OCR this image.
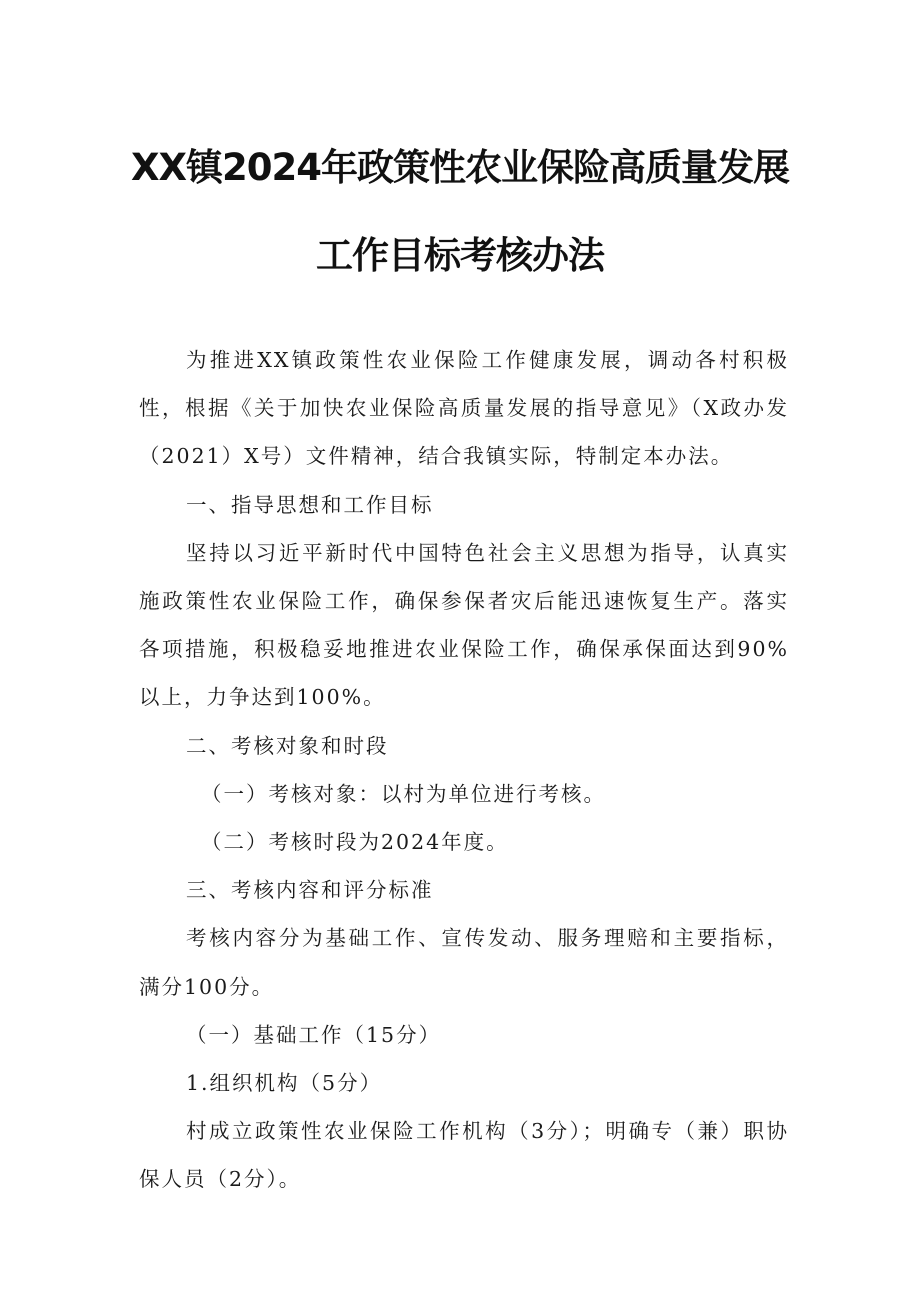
XX镇2024年政策性农业保险高质量发展
工作目标考核办法

为推进XX镇政策性农业保险工作健康发展，调动各村积极性，根据《关于加快农业保险高质量发展的指导意见》（X政办发（2021）X号）文件精神，结合我镇实际，特制定本办法。

一、指导思想和工作目标

坚持以习近平新时代中国特色社会主义思想为指导，认真实施政策性农业保险工作，确保参保者灾后能迅速恢复生产。落实各项措施，积极稳妥地推进农业保险工作，确保承保面达到90%以上，力争达到100%。

二、考核对象和时段

（一）考核对象：以村为单位进行考核。

（二）考核时段为2024年度。

三、考核内容和评分标准

考核内容分为基础工作、宣传发动、服务理赔和主要指标，满分100分。

（一）基础工作（15分）

1.组织机构（5分）

村成立政策性农业保险工作机构（3分）；明确专（兼）职协保人员（2分）。
